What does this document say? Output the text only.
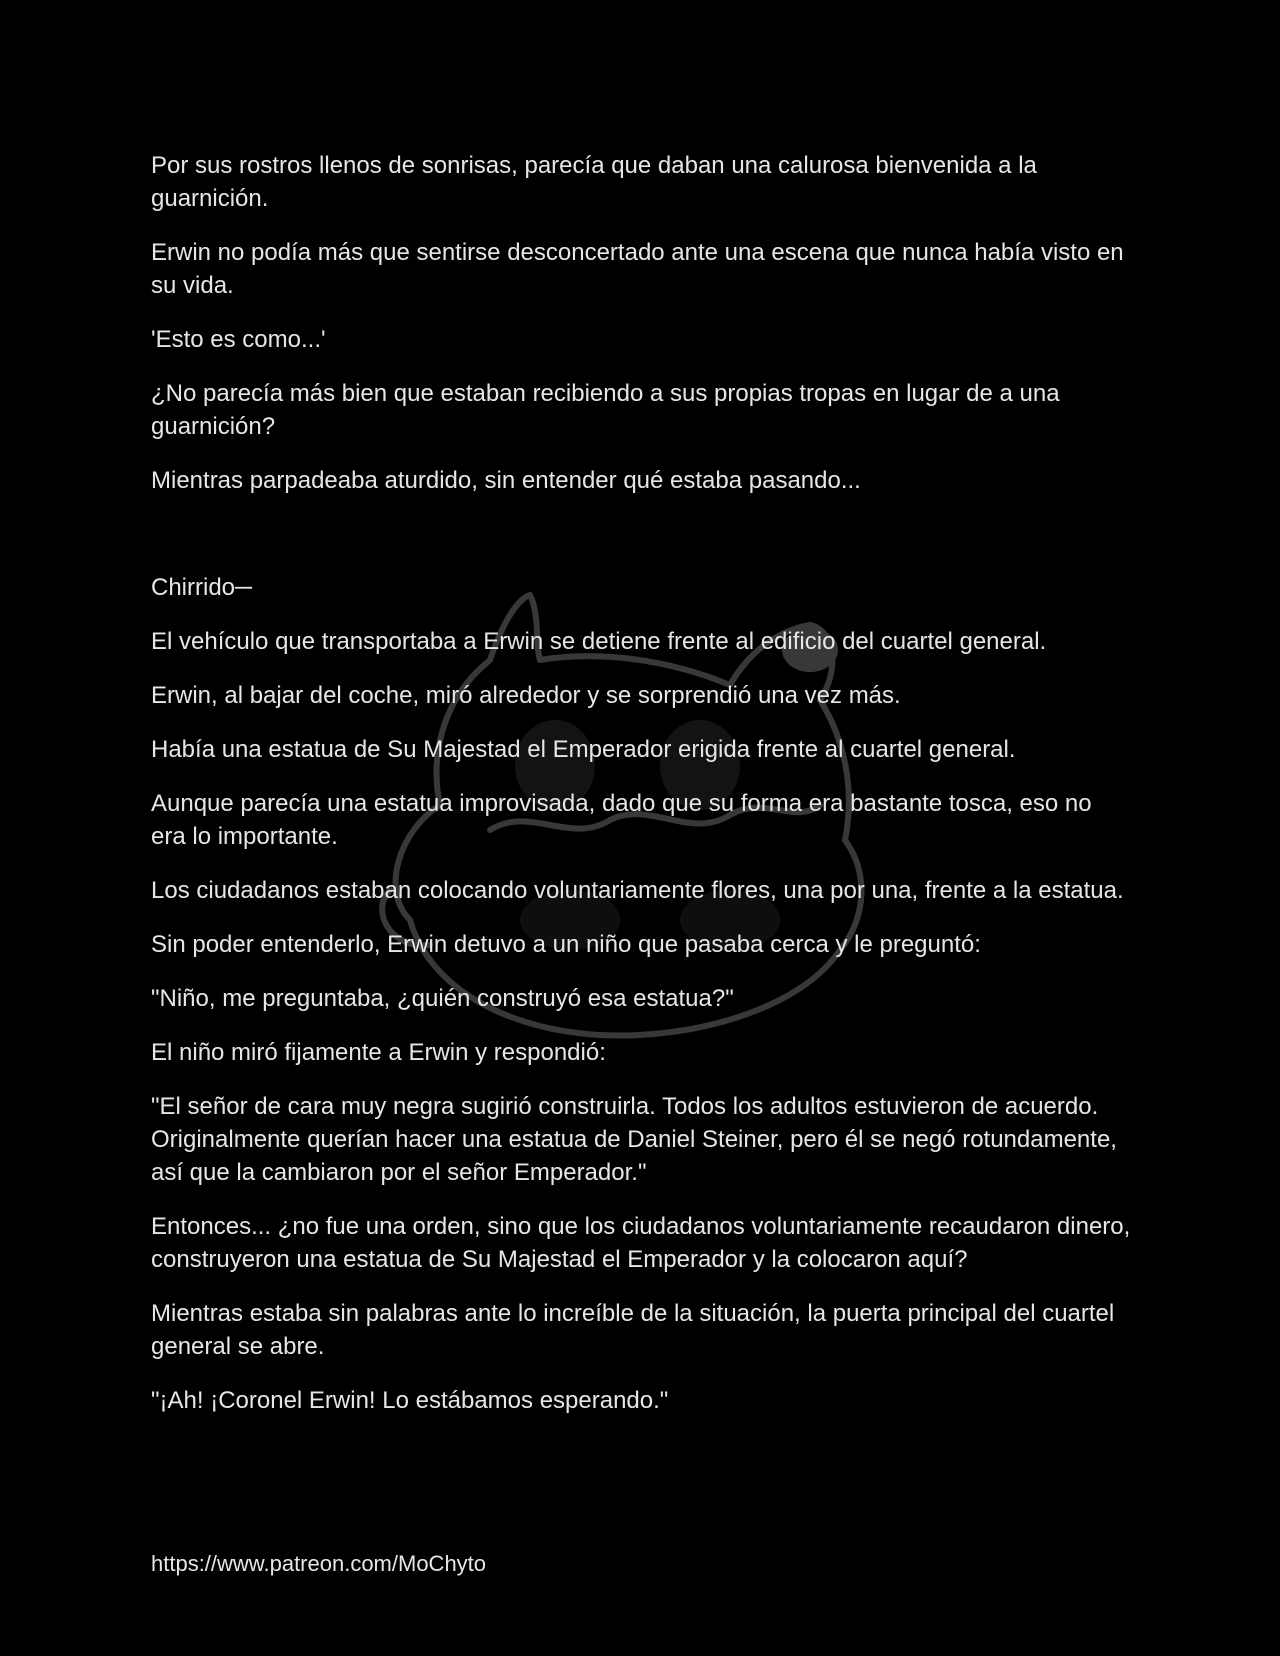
Por sus rostros llenos de sonrisas, parecía que daban una calurosa bienvenida a la guarnición.

Erwin no podía más que sentirse desconcertado ante una escena que nunca había visto en su vida.

'Esto es como...'

¿No parecía más bien que estaban recibiendo a sus propias tropas en lugar de a una guarnición?

Mientras parpadeaba aturdido, sin entender qué estaba pasando...

Chirrido─

El vehículo que transportaba a Erwin se detiene frente al edificio del cuartel general.

Erwin, al bajar del coche, miró alrededor y se sorprendió una vez más.

Había una estatua de Su Majestad el Emperador erigida frente al cuartel general.

Aunque parecía una estatua improvisada, dado que su forma era bastante tosca, eso no era lo importante.

Los ciudadanos estaban colocando voluntariamente flores, una por una, frente a la estatua.

Sin poder entenderlo, Erwin detuvo a un niño que pasaba cerca y le preguntó:

"Niño, me preguntaba, ¿quién construyó esa estatua?"

El niño miró fijamente a Erwin y respondió:

"El señor de cara muy negra sugirió construirla. Todos los adultos estuvieron de acuerdo. Originalmente querían hacer una estatua de Daniel Steiner, pero él se negó rotundamente, así que la cambiaron por el señor Emperador."

Entonces... ¿no fue una orden, sino que los ciudadanos voluntariamente recaudaron dinero, construyeron una estatua de Su Majestad el Emperador y la colocaron aquí?

Mientras estaba sin palabras ante lo increíble de la situación, la puerta principal del cuartel general se abre.

"¡Ah! ¡Coronel Erwin! Lo estábamos esperando."

https://www.patreon.com/MoChyto
